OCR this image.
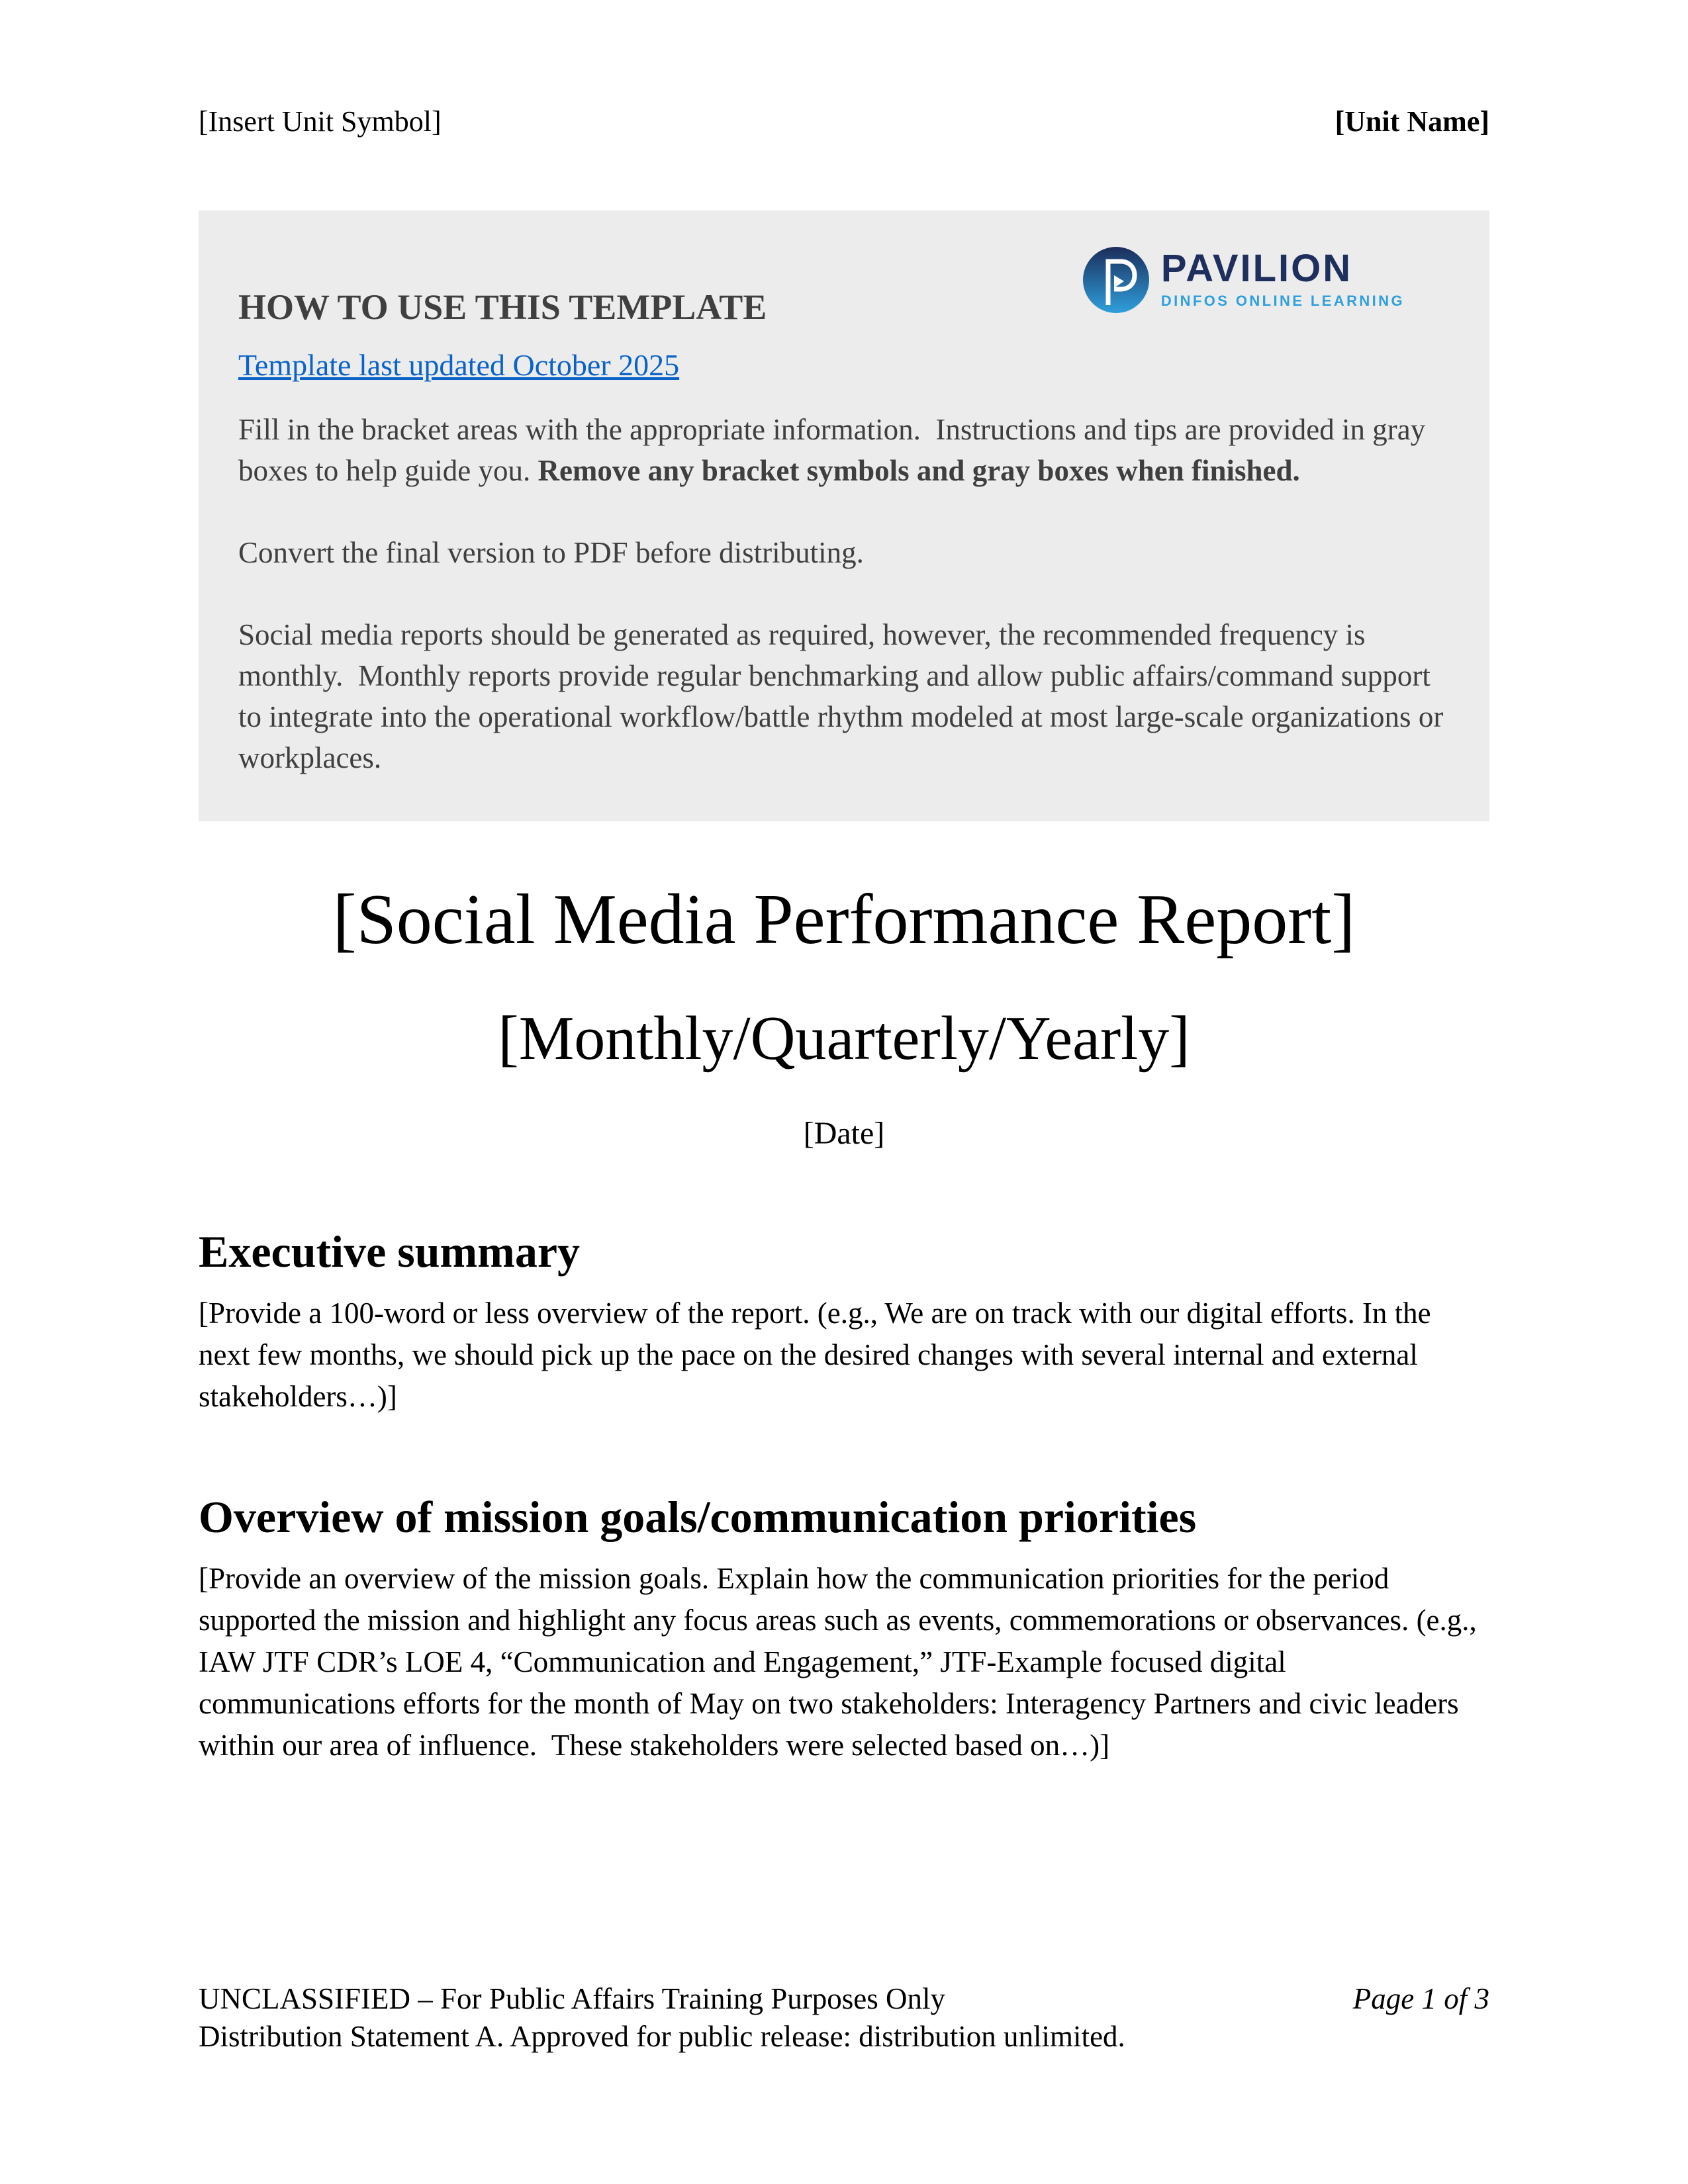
[Insert Unit Symbol]	[Unit Name]
PAVILION
DINFOS ONLINE LEARNING
HOW TO USE THIS TEMPLATE
Template last updated October 2025

Fill in the bracket areas with the appropriate information.  Instructions and tips are provided in gray boxes to help guide you. Remove any bracket symbols and gray boxes when finished.

Convert the final version to PDF before distributing.

Social media reports should be generated as required, however, the recommended frequency is monthly.  Monthly reports provide regular benchmarking and allow public affairs/command support to integrate into the operational workflow/battle rhythm modeled at most large-scale organizations or workplaces.

[Social Media Performance Report]
[Monthly/Quarterly/Yearly]
[Date]
Executive summary

[Provide a 100-word or less overview of the report. (e.g., We are on track with our digital efforts. In the next few months, we should pick up the pace on the desired changes with several internal and external stakeholders…)]

Overview of mission goals/communication priorities

[Provide an overview of the mission goals. Explain how the communication priorities for the period supported the mission and highlight any focus areas such as events, commemorations or observances. (e.g., IAW JTF CDR’s LOE 4, “Communication and Engagement,” JTF-Example focused digital communications efforts for the month of May on two stakeholders: Interagency Partners and civic leaders within our area of influence.  These stakeholders were selected based on…)]

UNCLASSIFIED – For Public Affairs Training Purposes Only	Page 1 of 3
Distribution Statement A. Approved for public release: distribution unlimited.
